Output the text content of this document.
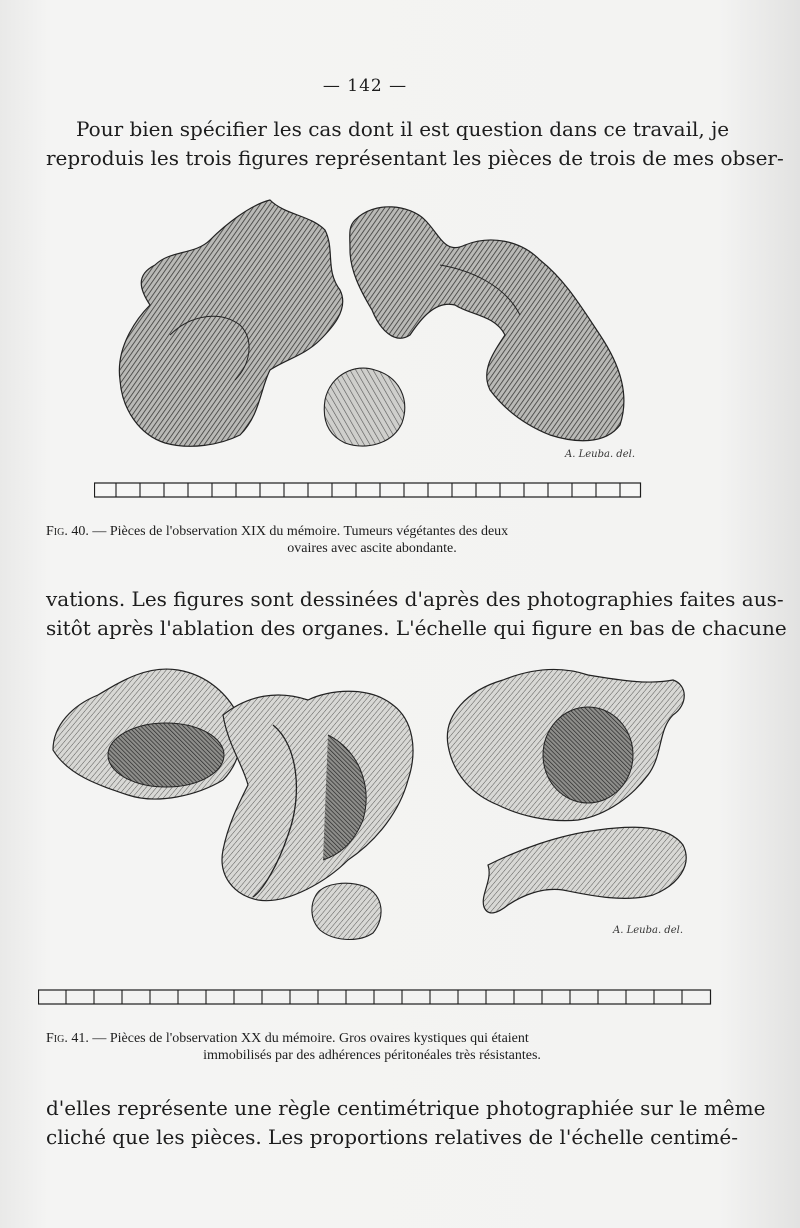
— 142 —

Pour bien spécifier les cas dont il est question dans ce travail, je
reproduis les trois figures représentant les pièces de trois de mes obser-

A. Leuba. del.
Fig. 40. — Pièces de l'observation XIX du mémoire. Tumeurs végétantes des deux
ovaires avec ascite abondante.

vations. Les figures sont dessinées d'après des photographies faites aus-
sitôt après l'ablation des organes. L'échelle qui figure en bas de chacune

A. Leuba. del.
Fig. 41. — Pièces de l'observation XX du mémoire. Gros ovaires kystiques qui étaient
immobilisés par des adhérences péritonéales très résistantes.

d'elles représente une règle centimétrique photographiée sur le même
cliché que les pièces. Les proportions relatives de l'échelle centimé-
